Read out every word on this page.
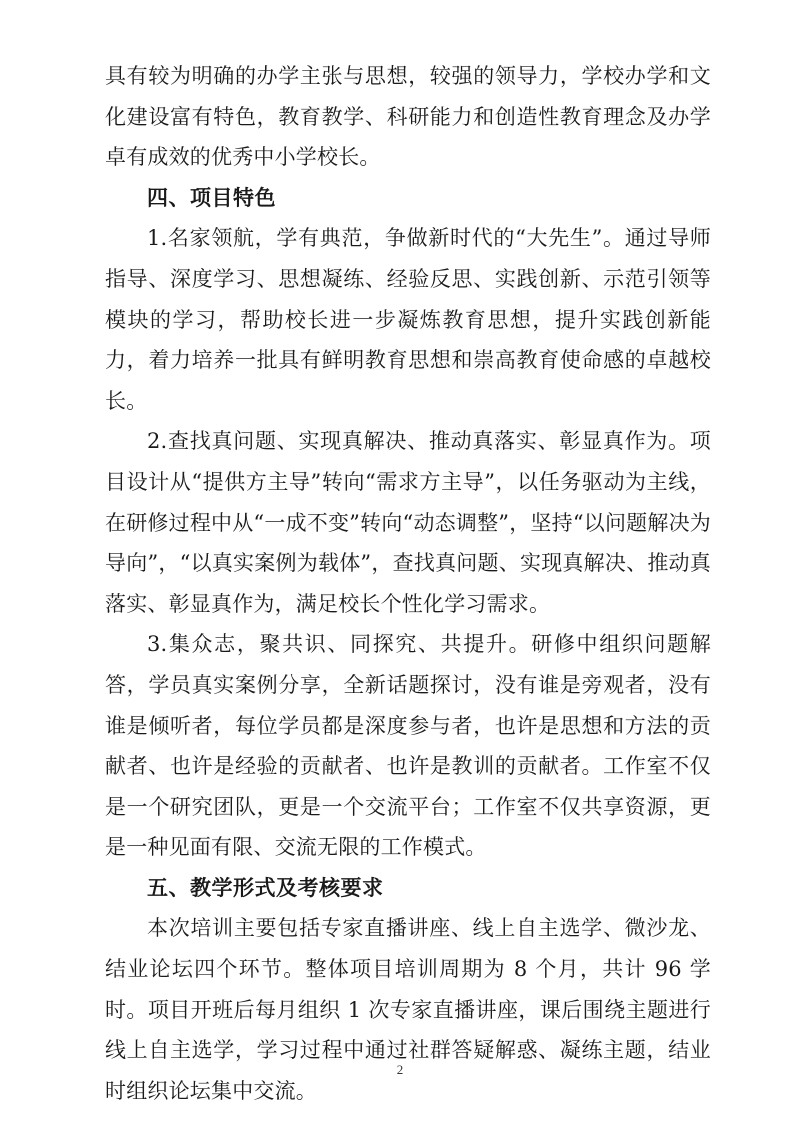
具有较为明确的办学主张与思想，较强的领导力，学校办学和文化建设富有特色，教育教学、科研能力和创造性教育理念及办学卓有成效的优秀中小学校长。

四、项目特色

1.名家领航，学有典范，争做新时代的“大先生”。通过导师指导、深度学习、思想凝练、经验反思、实践创新、示范引领等模块的学习，帮助校长进一步凝炼教育思想，提升实践创新能力，着力培养一批具有鲜明教育思想和崇高教育使命感的卓越校长。

2.查找真问题、实现真解决、推动真落实、彰显真作为。项目设计从“提供方主导”转向“需求方主导”，以任务驱动为主线，在研修过程中从“一成不变”转向“动态调整”，坚持“以问题解决为导向”，“以真实案例为载体”，查找真问题、实现真解决、推动真落实、彰显真作为，满足校长个性化学习需求。

3.集众志，聚共识、同探究、共提升。研修中组织问题解答，学员真实案例分享，全新话题探讨，没有谁是旁观者，没有谁是倾听者，每位学员都是深度参与者，也许是思想和方法的贡献者、也许是经验的贡献者、也许是教训的贡献者。工作室不仅是一个研究团队，更是一个交流平台；工作室不仅共享资源，更是一种见面有限、交流无限的工作模式。

五、教学形式及考核要求

本次培训主要包括专家直播讲座、线上自主选学、微沙龙、结业论坛四个环节。整体项目培训周期为 8 个月，共计 96 学时。项目开班后每月组织 1 次专家直播讲座，课后围绕主题进行线上自主选学，学习过程中通过社群答疑解惑、凝练主题，结业时组织论坛集中交流。

2
